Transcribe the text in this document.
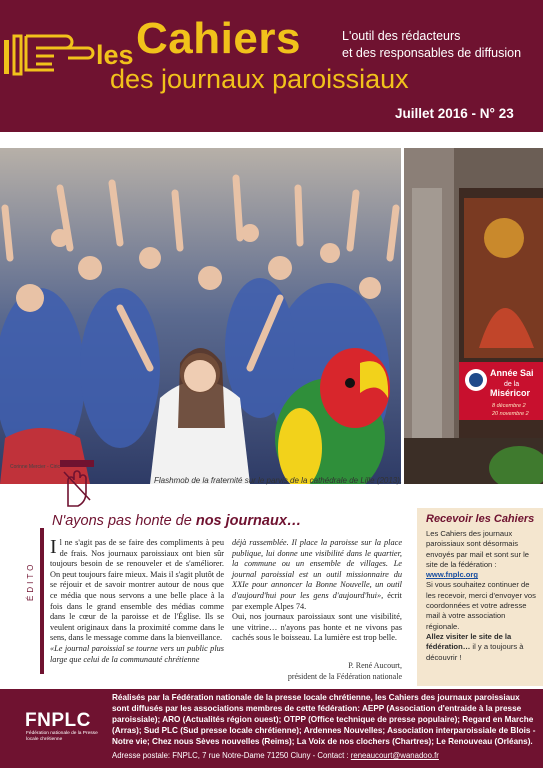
Cahiers
les
des journaux paroissiaux
L'outil des rédacteurs
et des responsables de diffusion
Juillet 2016 - N° 23
Année Sai
de la
Miséricor
8 décembre 2
20 novembre 2
Corinne Mercier - Ciric
Flashmob de la fraternité sur le parvis de la cathédrale de Lille (2013).
N'ayons pas honte de nos journaux…
ÉDITO

Il ne s'agit pas de se faire des compliments à peu de frais. Nos journaux paroissiaux ont bien sûr toujours besoin de se renouveler et de s'améliorer. On peut toujours faire mieux. Mais il s'agit plutôt de se réjouir et de savoir montrer autour de nous que ce média que nous servons a une belle place à la fois dans le grand ensemble des médias comme dans le cœur de la paroisse et de l'Église. Ils se veulent originaux dans la proximité comme dans le sens, dans le message comme dans la bienveillance.

«Le journal paroissial se tourne vers un public plus large que celui de la communauté chrétienne

déjà rassemblée. Il place la paroisse sur la place publique, lui donne une visibilité dans le quartier, la commune ou un ensemble de villages. Le journal paroissial est un outil missionnaire du XXIe pour annoncer la Bonne Nouvelle, un outil d'aujourd'hui pour les gens d'aujourd'hui», écrit par exemple Alpes 74.

Oui, nos journaux paroissiaux sont une visibilité, une vitrine… n'ayons pas honte et ne vivons pas cachés sous le boisseau. La lumière est trop belle.

P. René Aucourt,
président de la Fédération nationale
Recevoir les Cahiers
Les Cahiers des journaux paroissiaux sont désormais envoyés par mail et sont sur le site de la fédération : www.fnplc.org
Si vous souhaitez continuer de les recevoir, merci d'envoyer vos coordonnées et votre adresse mail à votre association régionale.
Allez visiter le site de la fédération… il y a toujours à découvrir !
FNPLC
Fédération nationale de la Presse locale chrétienne
Réalisés par la Fédération nationale de la presse locale chrétienne, les Cahiers des journaux paroissiaux sont diffusés par les associations membres de cette fédération: AEPP (Association d'entraide à la presse paroissiale); ARO (Actualités région ouest); OTPP (Office technique de presse populaire); Regard en Marche (Arras); Sud PLC (Sud presse locale chrétienne); Ardennes Nouvelles; Association interparoissiale de Blois - Notre vie; Chez nous Sèves nouvelles (Reims); La Voix de nos clochers (Chartres); Le Renouveau (Orléans).
Adresse postale: FNPLC, 7 rue Notre-Dame 71250 Cluny - Contact : reneaucourt@wanadoo.fr
